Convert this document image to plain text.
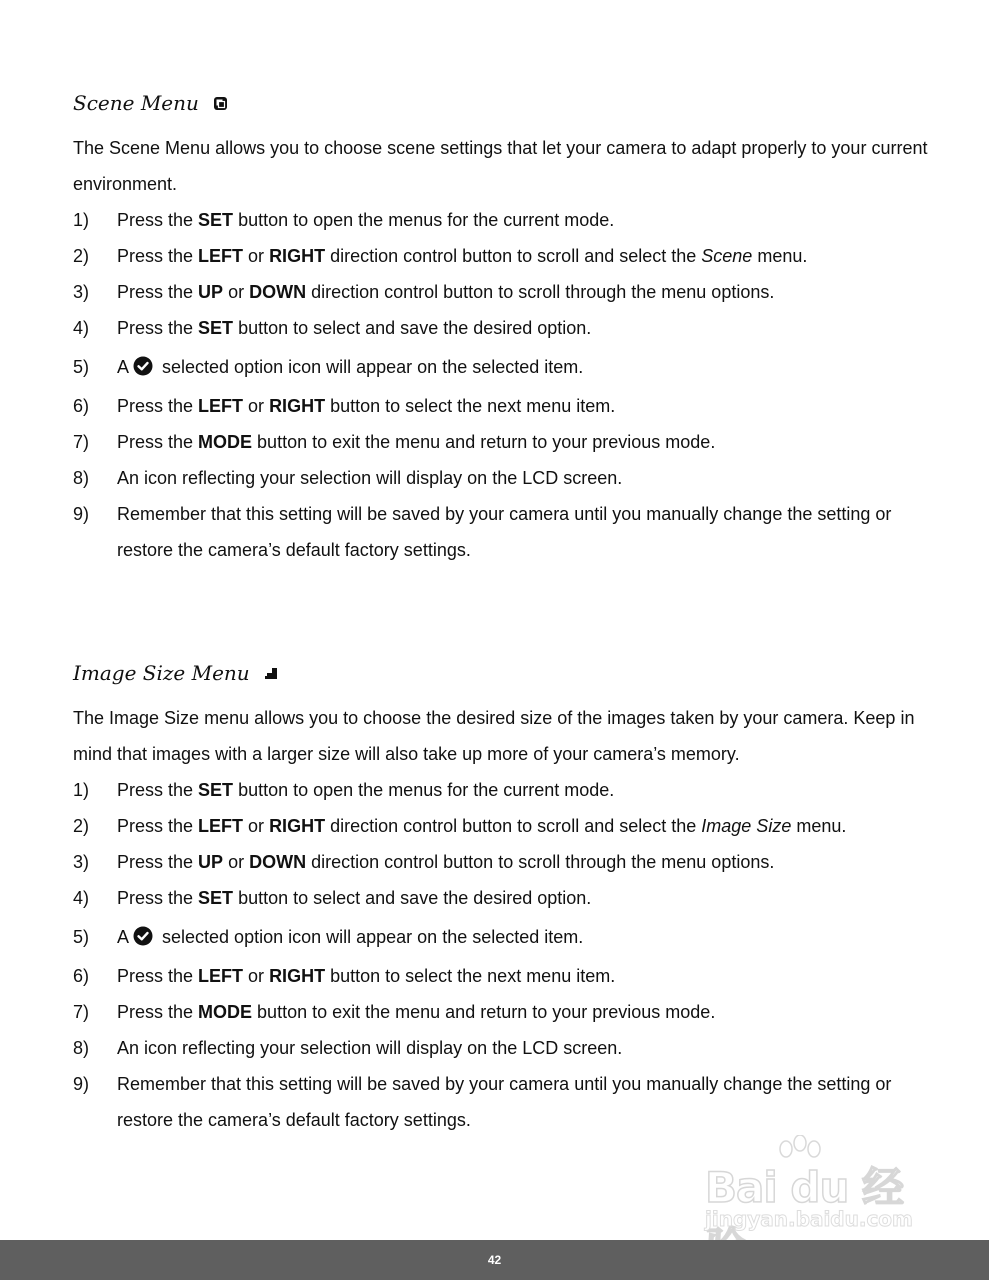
Scene Menu

The Scene Menu allows you to choose scene settings that let your camera to adapt properly to your current environment.

1) Press the SET button to open the menus for the current mode.
2) Press the LEFT or RIGHT direction control button to scroll and select the Scene menu.
3) Press the UP or DOWN direction control button to scroll through the menu options.
4) Press the SET button to select and save the desired option.
5) A
selected option icon will appear on the selected item.
6) Press the LEFT or RIGHT button to select the next menu item.
7) Press the MODE button to exit the menu and return to your previous mode.
8) An icon reflecting your selection will display on the LCD screen.
9) Remember that this setting will be saved by your camera until you manually change the setting or restore the camera’s default factory settings.
Image Size Menu

The Image Size menu allows you to choose the desired size of the images taken by your camera. Keep in mind that images with a larger size will also take up more of your camera’s memory.

1) Press the SET button to open the menus for the current mode.
2) Press the LEFT or RIGHT direction control button to scroll and select the Image Size menu.
3) Press the UP or DOWN direction control button to scroll through the menu options.
4) Press the SET button to select and save the desired option.
5) A
selected option icon will appear on the selected item.
6) Press the LEFT or RIGHT button to select the next menu item.
7) Press the MODE button to exit the menu and return to your previous mode.
8) An icon reflecting your selection will display on the LCD screen.
9) Remember that this setting will be saved by your camera until you manually change the setting or restore the camera’s default factory settings.
Bai du 经
jingyan.baidu.com
42
